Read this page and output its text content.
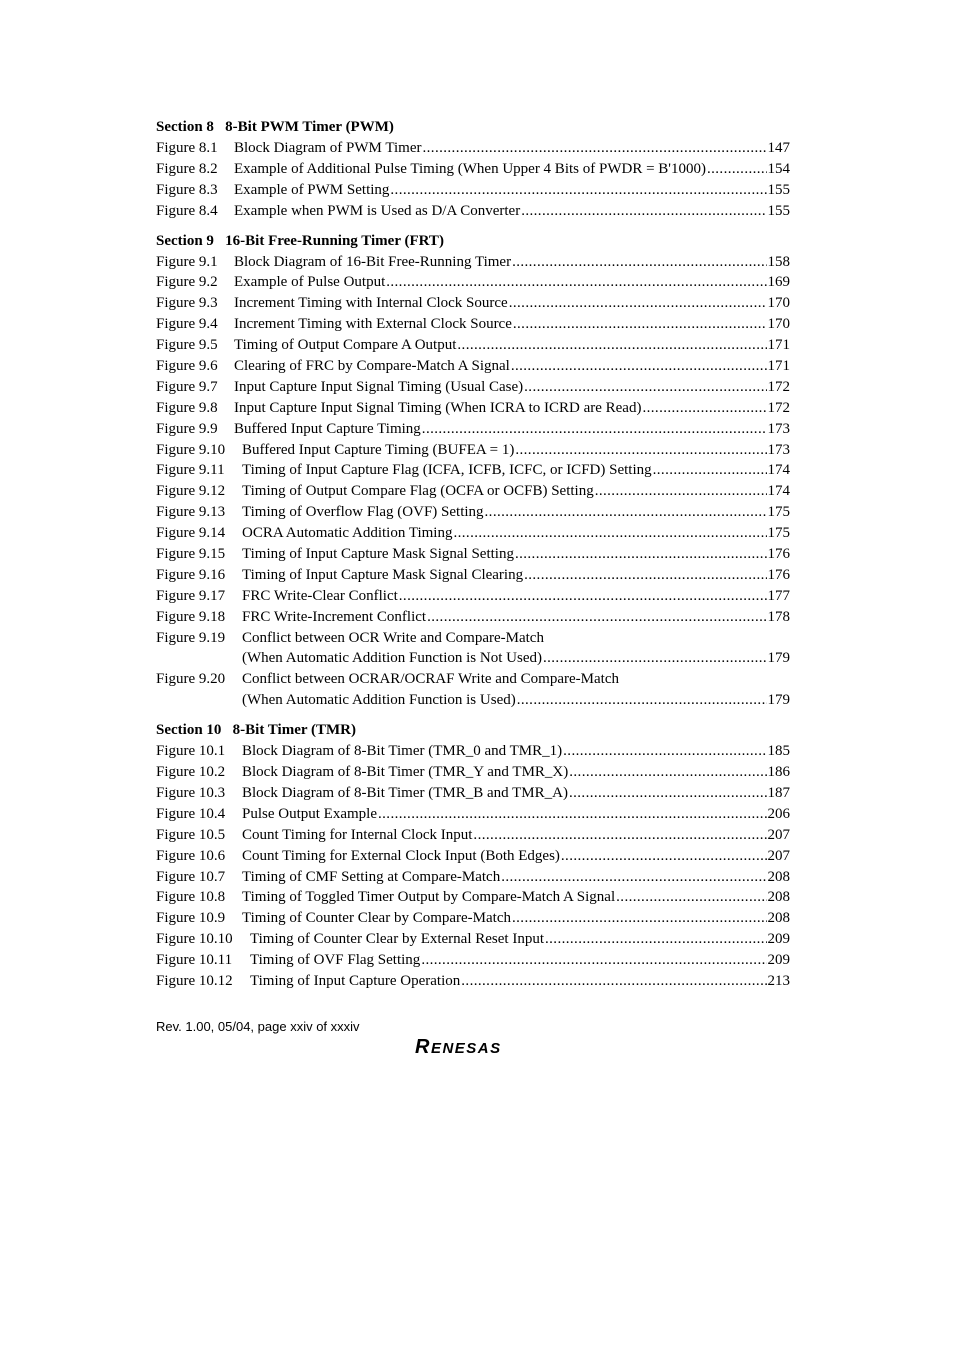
Section 8   8-Bit PWM Timer (PWM)
Figure 8.1	Block Diagram of PWM Timer .....	147
Figure 8.2	Example of Additional Pulse Timing (When Upper 4 Bits of PWDR = B'1000) .....	154
Figure 8.3	Example of PWM Setting .....	155
Figure 8.4	Example when PWM is Used as D/A Converter .....	155
Section 9   16-Bit Free-Running Timer (FRT)
Figure 9.1	Block Diagram of 16-Bit Free-Running Timer .....	158
Figure 9.2	Example of Pulse Output .....	169
Figure 9.3	Increment Timing with Internal Clock Source .....	170
Figure 9.4	Increment Timing with External Clock Source .....	170
Figure 9.5	Timing of Output Compare A Output .....	171
Figure 9.6	Clearing of FRC by Compare-Match A Signal .....	171
Figure 9.7	Input Capture Input Signal Timing (Usual Case) .....	172
Figure 9.8	Input Capture Input Signal Timing (When ICRA to ICRD are Read) .....	172
Figure 9.9	Buffered Input Capture Timing .....	173
Figure 9.10	Buffered Input Capture Timing (BUFEA = 1) .....	173
Figure 9.11	Timing of Input Capture Flag (ICFA, ICFB, ICFC, or ICFD) Setting .....	174
Figure 9.12	Timing of Output Compare Flag (OCFA or OCFB) Setting .....	174
Figure 9.13	Timing of Overflow Flag (OVF) Setting .....	175
Figure 9.14	OCRA Automatic Addition Timing .....	175
Figure 9.15	Timing of Input Capture Mask Signal Setting .....	176
Figure 9.16	Timing of Input Capture Mask Signal Clearing .....	176
Figure 9.17	FRC Write-Clear Conflict .....	177
Figure 9.18	FRC Write-Increment Conflict .....	178
Figure 9.19	Conflict between OCR Write and Compare-Match
(When Automatic Addition Function is Not Used) .....	179
Figure 9.20	Conflict between OCRAR/OCRAF Write and Compare-Match
(When Automatic Addition Function is Used) .....	179
Section 10   8-Bit Timer (TMR)
Figure 10.1	Block Diagram of 8-Bit Timer (TMR_0 and TMR_1) .....	185
Figure 10.2	Block Diagram of 8-Bit Timer (TMR_Y and TMR_X) .....	186
Figure 10.3	Block Diagram of 8-Bit Timer (TMR_B and TMR_A) .....	187
Figure 10.4	Pulse Output Example .....	206
Figure 10.5	Count Timing for Internal Clock Input .....	207
Figure 10.6	Count Timing for External Clock Input (Both Edges) .....	207
Figure 10.7	Timing of CMF Setting at Compare-Match .....	208
Figure 10.8	Timing of Toggled Timer Output by Compare-Match A Signal .....	208
Figure 10.9	Timing of Counter Clear by Compare-Match .....	208
Figure 10.10	Timing of Counter Clear by External Reset Input .....	209
Figure 10.11	Timing of OVF Flag Setting .....	209
Figure 10.12	Timing of Input Capture Operation .....	213
Rev. 1.00, 05/04, page xxiv of xxxiv
RENESAS
